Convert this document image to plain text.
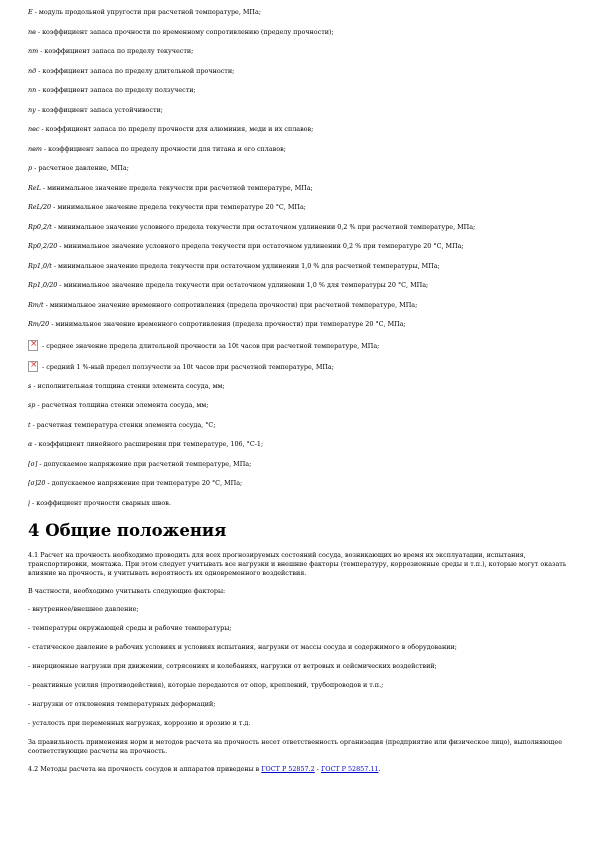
E - модуль продольной упругости при расчетной температуре, МПа;
nв - коэффициент запаса прочности по временному сопротивлению (пределу прочности);
nт - коэффициент запаса по пределу текучести;
nд - коэффициент запаса по пределу длительной прочности;
nп - коэффициент запаса по пределу ползучести;
nу - коэффициент запаса устойчивости;
nвс - коэффициент запаса по пределу прочности для алюминия, меди и их сплавов;
nвт - коэффициент запаса по пределу прочности для титана и его сплавов;
p - расчетное давление, МПа;
ReL - минимальное значение предела текучести при расчетной температуре, МПа;
ReL/20 - минимальное значение предела текучести при температуре 20 °С, МПа;
Rp0,2/t - минимальное значение условного предела текучести при остаточном удлинении 0,2 % при расчетной температуре, МПа;
Rp0,2/20 - минимальное значение условного предела текучести при остаточном удлинении 0,2 % при температуре 20 °С, МПа;
Rp1,0/t - минимальное значение предела текучести при остаточном удлинении 1,0 % для расчетной температуры, МПа;
Rp1,0/20 - минимальное значение предела текучести при остаточном удлинении 1,0 % для температуры 20 °С, МПа;
Rm/t - минимальное значение временного сопротивления (предела прочности) при расчетной температуре, МПа;
Rm/20 - минимальное значение временного сопротивления (предела прочности) при температуре 20 °С, МПа;
× - среднее значение предела длительной прочности за 10t часов при расчетной температуре, МПа;
× - средний 1 %-ный предел ползучести за 10t часов при расчетной температуре, МПа;
s - исполнительная толщина стенки элемента сосуда, мм;
sp - расчетная толщина стенки элемента сосуда, мм;
t - расчетная температура стенки элемента сосуда, °С;
α - коэффициент линейного расширения при температуре, 106, °С-1;
[σ] - допускаемое напряжение при расчетной температуре, МПа;
[σ]20 - допускаемое напряжение при температуре 20 °С, МПа;
j - коэффициент прочности сварных швов.
4 Общие положения

4.1 Расчет на прочность необходимо проводить для всех прогнозируемых состояний сосуда, возникающих во время их эксплуатации, испытания, транспортировки, монтажа. При этом следует учитывать все нагрузки и внешние факторы (температуру, коррозионные среды и т.п.), которые могут оказать влияние на прочность, и учитывать вероятность их одновременного воздействия.

В частности, необходимо учитывать следующие факторы:

- внутреннее/внешнее давление;
- температуры окружающей среды и рабочие температуры;
- статическое давление в рабочих условиях и условиях испытания, нагрузки от массы сосуда и содержимого в оборудовании;
- инерционные нагрузки при движении, сотрясениях и колебаниях, нагрузки от ветровых и сейсмических воздействий;
- реактивные усилия (противодействия), которые передаются от опор, креплений, трубопроводов и т.п.;
- нагрузки от отклонения температурных деформаций;
- усталость при переменных нагрузках, коррозию и эрозию и т.д.

За правильность применения норм и методов расчета на прочность несет ответственность организация (предприятие или физическое лицо), выполняющее соответствующие расчеты на прочность.

4.2 Методы расчета на прочность сосудов и аппаратов приведены в ГОСТ Р 52857.2 - ГОСТ Р 52857.11.
